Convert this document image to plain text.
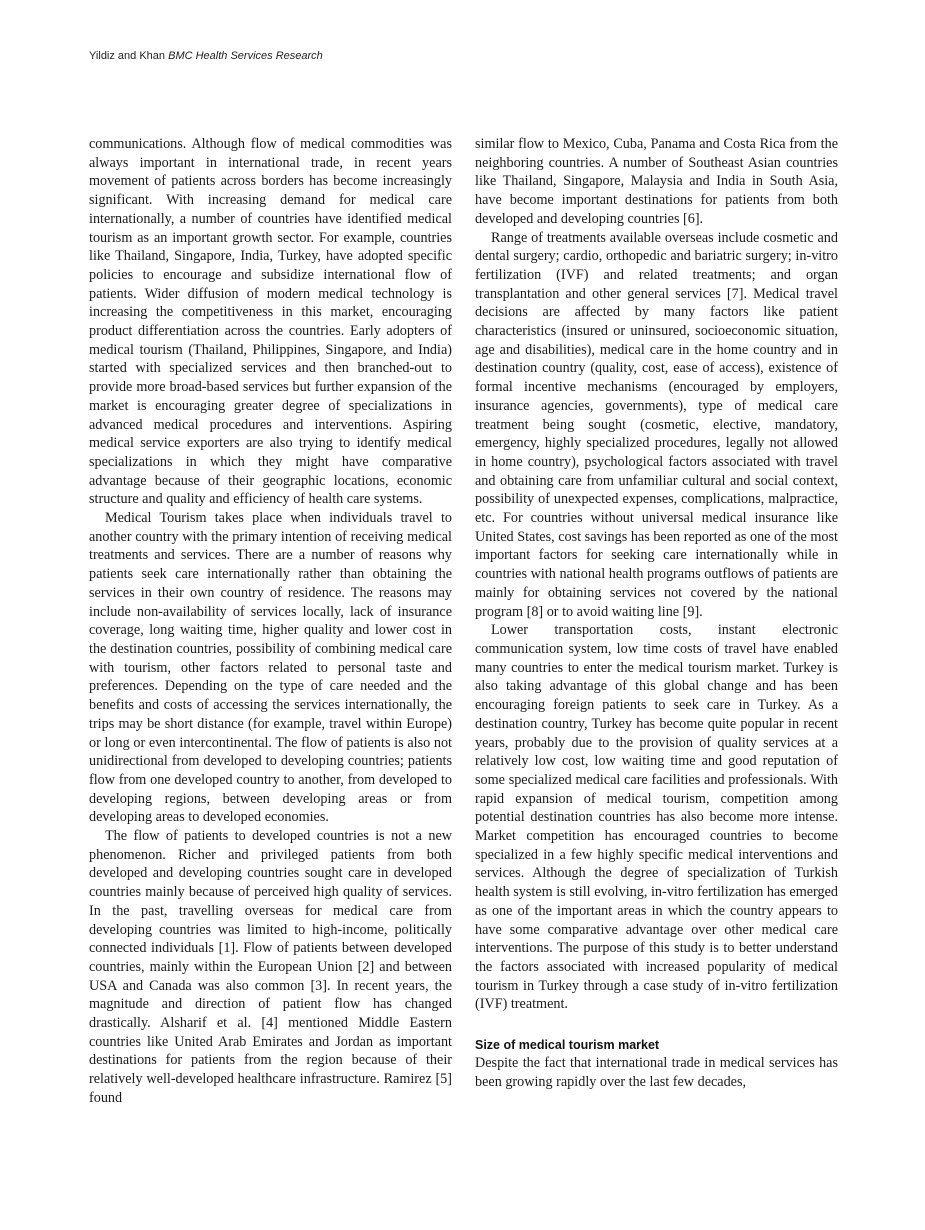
Yildiz and Khan BMC Health Services Research

communications. Although flow of medical commodities was always important in international trade, in recent years movement of patients across borders has become increasingly significant. With increasing demand for medical care internationally, a number of countries have identified medical tourism as an important growth sector. For example, countries like Thailand, Singapore, India, Turkey, have adopted specific policies to encourage and subsidize international flow of patients. Wider diffusion of modern medical technology is increasing the competitiveness in this market, encouraging product differentiation across the countries. Early adopters of medical tourism (Thailand, Philippines, Singapore, and India) started with specialized services and then branched-out to provide more broad-based services but further expansion of the market is encouraging greater degree of specializations in advanced medical procedures and interventions. Aspiring medical service exporters are also trying to identify medical specializations in which they might have comparative advantage because of their geographic locations, economic structure and quality and efficiency of health care systems.

Medical Tourism takes place when individuals travel to another country with the primary intention of receiving medical treatments and services. There are a number of reasons why patients seek care internationally rather than obtaining the services in their own country of residence. The reasons may include non-availability of services locally, lack of insurance coverage, long waiting time, higher quality and lower cost in the destination countries, possibility of combining medical care with tourism, other factors related to personal taste and preferences. Depending on the type of care needed and the benefits and costs of accessing the services internationally, the trips may be short distance (for example, travel within Europe) or long or even intercontinental. The flow of patients is also not unidirectional from developed to developing countries; patients flow from one developed country to another, from developed to developing regions, between developing areas or from developing areas to developed economies.

The flow of patients to developed countries is not a new phenomenon. Richer and privileged patients from both developed and developing countries sought care in developed countries mainly because of perceived high quality of services. In the past, travelling overseas for medical care from developing countries was limited to high-income, politically connected individuals [1]. Flow of patients between developed countries, mainly within the European Union [2] and between USA and Canada was also common [3]. In recent years, the magnitude and direction of patient flow has changed drastically. Alsharif et al. [4] mentioned Middle Eastern countries like United Arab Emirates and Jordan as important destinations for patients from the region because of their relatively well-developed healthcare infrastructure. Ramirez [5] found

similar flow to Mexico, Cuba, Panama and Costa Rica from the neighboring countries. A number of Southeast Asian countries like Thailand, Singapore, Malaysia and India in South Asia, have become important destinations for patients from both developed and developing countries [6].

Range of treatments available overseas include cosmetic and dental surgery; cardio, orthopedic and bariatric surgery; in-vitro fertilization (IVF) and related treatments; and organ transplantation and other general services [7]. Medical travel decisions are affected by many factors like patient characteristics (insured or uninsured, socioeconomic situation, age and disabilities), medical care in the home country and in destination country (quality, cost, ease of access), existence of formal incentive mechanisms (encouraged by employers, insurance agencies, governments), type of medical care treatment being sought (cosmetic, elective, mandatory, emergency, highly specialized procedures, legally not allowed in home country), psychological factors associated with travel and obtaining care from unfamiliar cultural and social context, possibility of unexpected expenses, complications, malpractice, etc. For countries without universal medical insurance like United States, cost savings has been reported as one of the most important factors for seeking care internationally while in countries with national health programs outflows of patients are mainly for obtaining services not covered by the national program [8] or to avoid waiting line [9].

Lower transportation costs, instant electronic communication system, low time costs of travel have enabled many countries to enter the medical tourism market. Turkey is also taking advantage of this global change and has been encouraging foreign patients to seek care in Turkey. As a destination country, Turkey has become quite popular in recent years, probably due to the provision of quality services at a relatively low cost, low waiting time and good reputation of some specialized medical care facilities and professionals. With rapid expansion of medical tourism, competition among potential destination countries has also become more intense. Market competition has encouraged countries to become specialized in a few highly specific medical interventions and services. Although the degree of specialization of Turkish health system is still evolving, in-vitro fertilization has emerged as one of the important areas in which the country appears to have some comparative advantage over other medical care interventions. The purpose of this study is to better understand the factors associated with increased popularity of medical tourism in Turkey through a case study of in-vitro fertilization (IVF) treatment.

Size of medical tourism market

Despite the fact that international trade in medical services has been growing rapidly over the last few decades,
